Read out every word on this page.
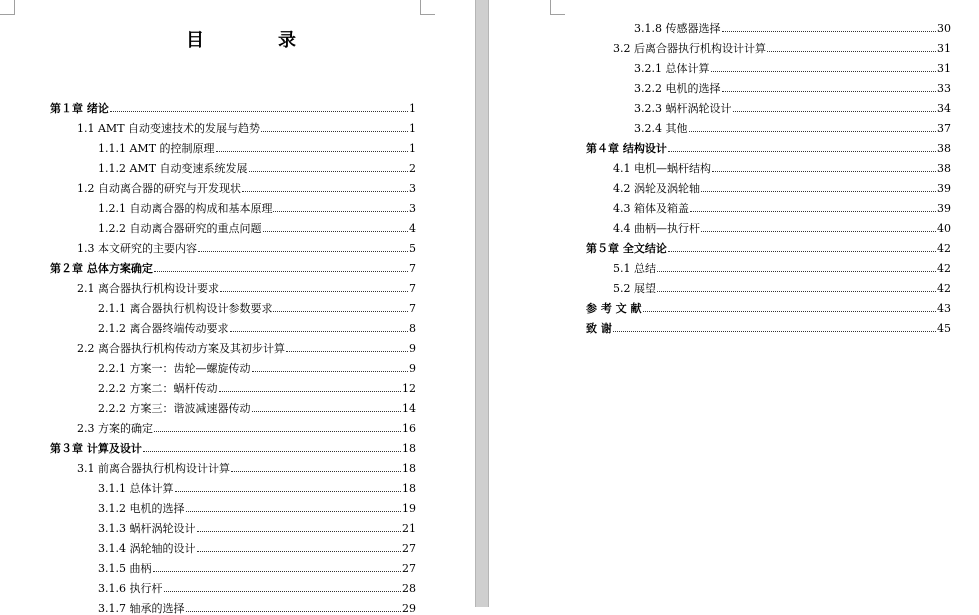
目　录
第１章 绪论	1
1.1 AMT 自动变速技术的发展与趋势	1
1.1.1 AMT 的控制原理	1
1.1.2 AMT 自动变速系统发展	2
1.2 自动离合器的研究与开发现状	3
1.2.1 自动离合器的构成和基本原理	3
1.2.2 自动离合器研究的重点问题	4
1.3 本文研究的主要内容	5
第２章 总体方案确定	7
2.1 离合器执行机构设计要求	7
2.1.1 离合器执行机构设计参数要求	7
2.1.2 离合器终端传动要求	8
2.2 离合器执行机构传动方案及其初步计算	9
2.2.1 方案一：齿轮—螺旋传动	9
2.2.2 方案二：蜗杆传动	12
2.2.2 方案三：谐波减速器传动	14
2.3 方案的确定	16
第３章 计算及设计	18
3.1 前离合器执行机构设计计算	18
3.1.1 总体计算	18
3.1.2 电机的选择	19
3.1.3 蜗杆涡轮设计	21
3.1.4 涡轮轴的设计	27
3.1.5 曲柄	27
3.1.6 执行杆	28
3.1.7 轴承的选择	29
3.1.8 传感器选择	30
3.2 后离合器执行机构设计计算	31
3.2.1 总体计算	31
3.2.2 电机的选择	33
3.2.3 蜗杆涡轮设计	34
3.2.4 其他	37
第４章 结构设计	38
4.1 电机—蜗杆结构	38
4.2 涡轮及涡轮轴	39
4.3 箱体及箱盖	39
4.4 曲柄—执行杆	40
第５章 全文结论	42
5.1 总结	42
5.2 展望	42
参 考 文 献	43
致 谢	45
